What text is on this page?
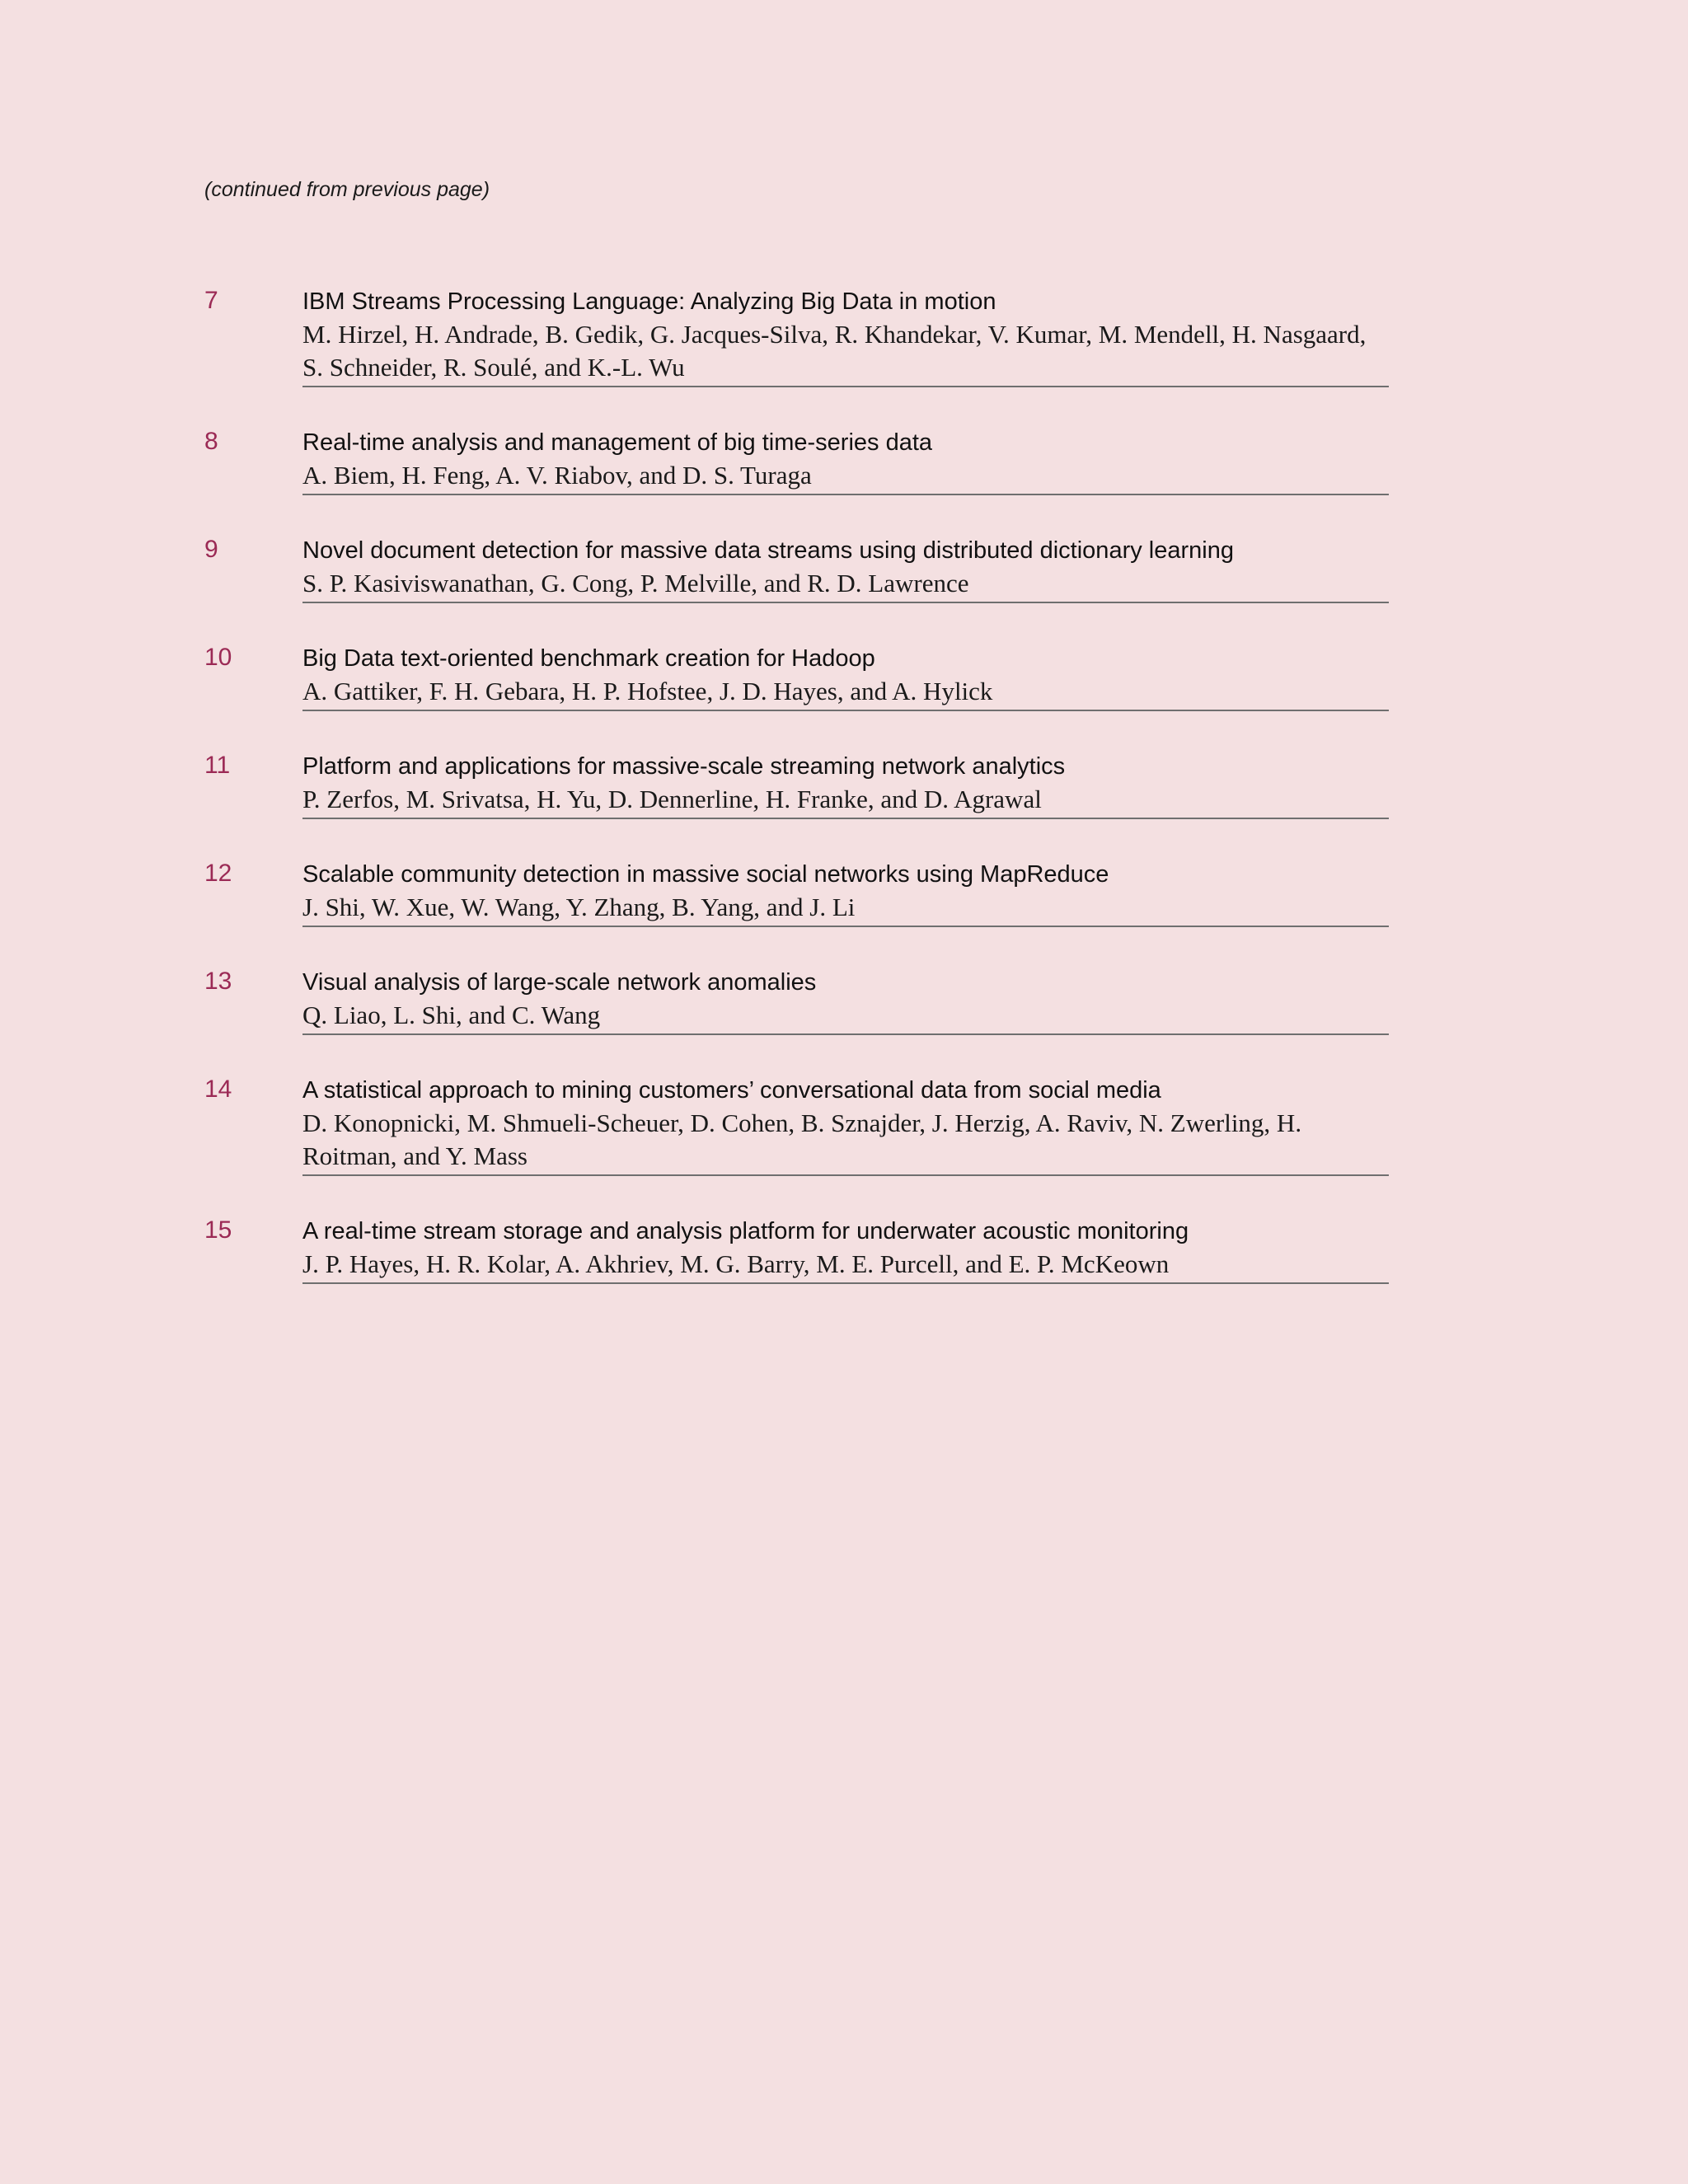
(continued from previous page)
7	IBM Streams Processing Language: Analyzing Big Data in motion
M. Hirzel, H. Andrade, B. Gedik, G. Jacques-Silva, R. Khandekar, V. Kumar, M. Mendell, H. Nasgaard, S. Schneider, R. Soulé, and K.-L. Wu
8	Real-time analysis and management of big time-series data
A. Biem, H. Feng, A. V. Riabov, and D. S. Turaga
9	Novel document detection for massive data streams using distributed dictionary learning
S. P. Kasiviswanathan, G. Cong, P. Melville, and R. D. Lawrence
10	Big Data text-oriented benchmark creation for Hadoop
A. Gattiker, F. H. Gebara, H. P. Hofstee, J. D. Hayes, and A. Hylick
11	Platform and applications for massive-scale streaming network analytics
P. Zerfos, M. Srivatsa, H. Yu, D. Dennerline, H. Franke, and D. Agrawal
12	Scalable community detection in massive social networks using MapReduce
J. Shi, W. Xue, W. Wang, Y. Zhang, B. Yang, and J. Li
13	Visual analysis of large-scale network anomalies
Q. Liao, L. Shi, and C. Wang
14	A statistical approach to mining customers’ conversational data from social media
D. Konopnicki, M. Shmueli-Scheuer, D. Cohen, B. Sznajder, J. Herzig, A. Raviv, N. Zwerling, H. Roitman, and Y. Mass
15	A real-time stream storage and analysis platform for underwater acoustic monitoring
J. P. Hayes, H. R. Kolar, A. Akhriev, M. G. Barry, M. E. Purcell, and E. P. McKeown
